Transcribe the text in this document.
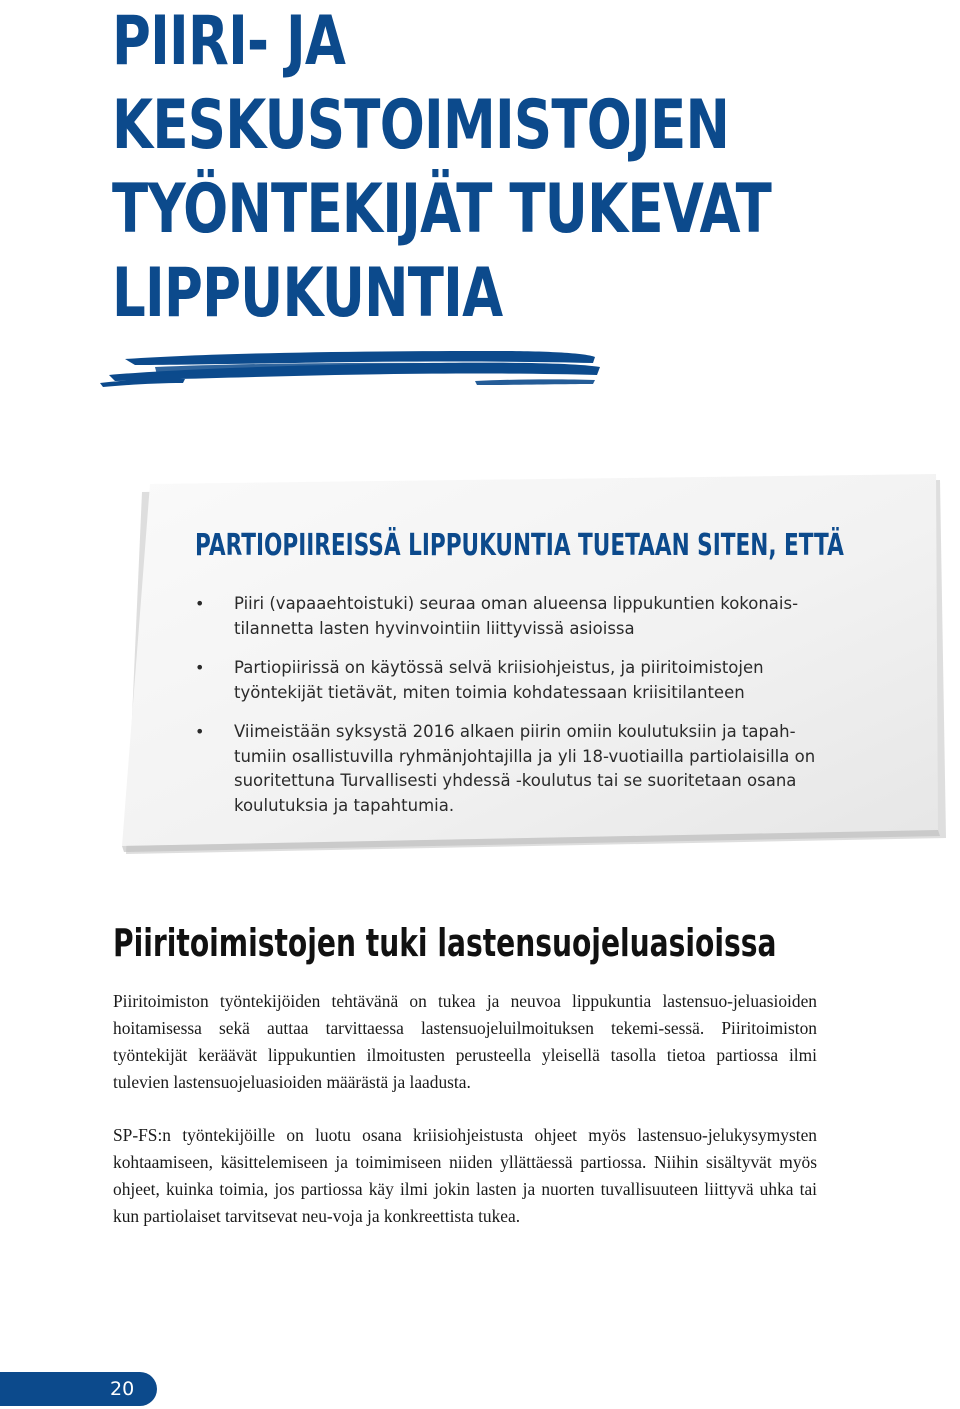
PIIRI- JA
KESKUSTOIMISTOJEN
TYÖNTEKIJÄT TUKEVAT
LIPPUKUNTIA
PARTIOPIIREISSÄ LIPPUKUNTIA TUETAAN SITEN, ETTÄ
• Piiri (vapaaehtoistuki) seuraa oman alueensa lippukuntien kokonais-tilannetta lasten hyvinvointiin liittyvissä asioissa
• Partiopiirissä on käytössä selvä kriisiohjeistus, ja piiritoimistojen työntekijät tietävät, miten toimia kohdatessaan kriisitilanteen
• Viimeistään syksystä 2016 alkaen piirin omiin koulutuksiin ja tapah-tumiin osallistuvilla ryhmänjohtajilla ja yli 18-vuotiailla partiolaisilla on suoritettuna Turvallisesti yhdessä -koulutus tai se suoritetaan osana koulutuksia ja tapahtumia.
Piiritoimistojen tuki lastensuojeluasioissa

Piiritoimiston työntekijöiden tehtävänä on tukea ja neuvoa lippukuntia lastensuo-jeluasioiden hoitamisessa sekä auttaa tarvittaessa lastensuojeluilmoituksen tekemi-sessä. Piiritoimiston työntekijät keräävät lippukuntien ilmoitusten perusteella yleisellä tasolla tietoa partiossa ilmi tulevien lastensuojeluasioiden määrästä ja laadusta.

SP-FS:n työntekijöille on luotu osana kriisiohjeistusta ohjeet myös lastensuo-jelukysymysten kohtaamiseen, käsittelemiseen ja toimimiseen niiden yllättäessä partiossa. Niihin sisältyvät myös ohjeet, kuinka toimia, jos partiossa käy ilmi jokin lasten ja nuorten tuvallisuuteen liittyvä uhka tai kun partiolaiset tarvitsevat neu-voja ja konkreettista tukea.

20
